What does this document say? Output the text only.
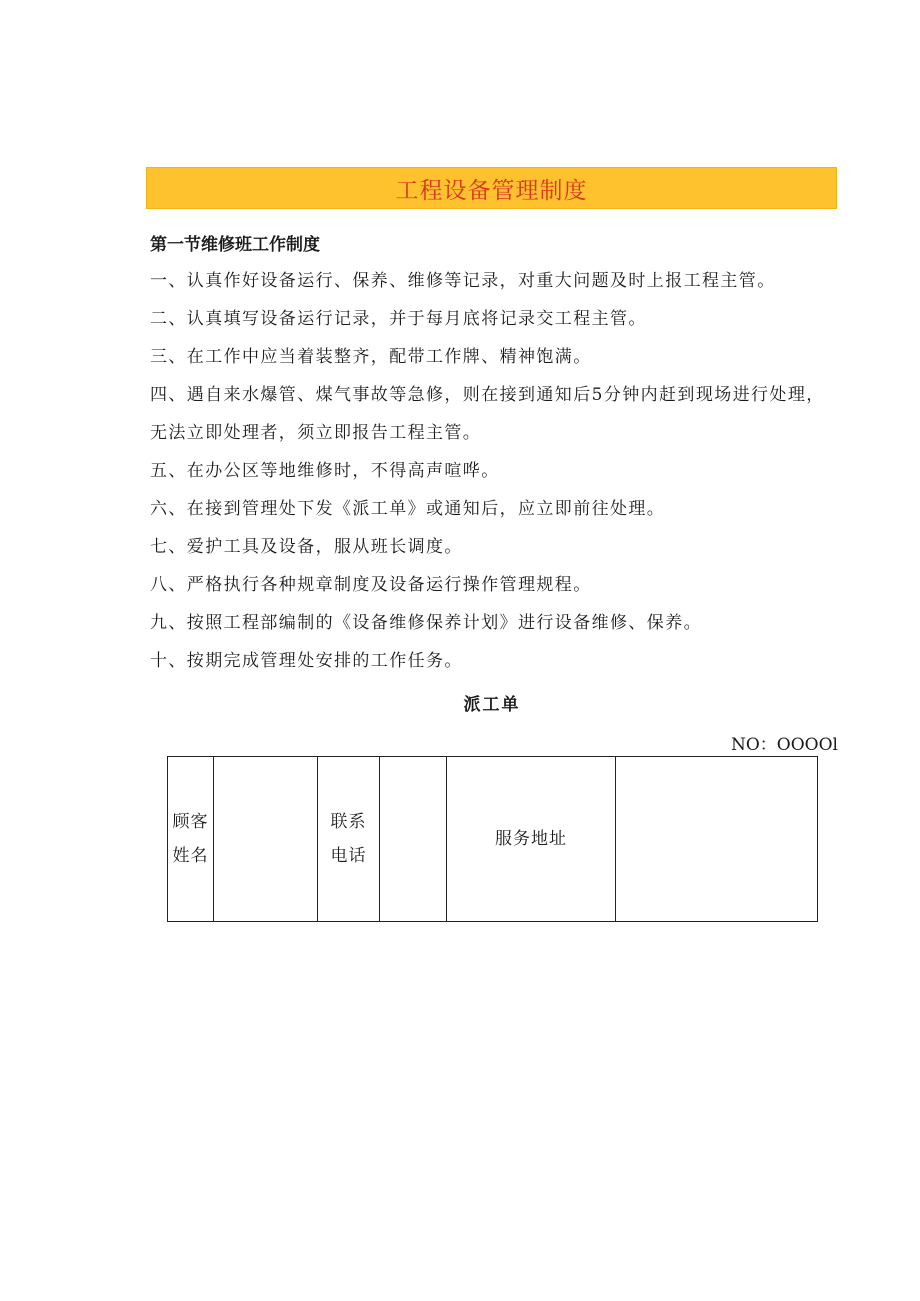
工程设备管理制度
第一节维修班工作制度
一、认真作好设备运行、保养、维修等记录，对重大问题及时上报工程主管。
二、认真填写设备运行记录，并于每月底将记录交工程主管。
三、在工作中应当着装整齐，配带工作牌、精神饱满。
四、遇自来水爆管、煤气事故等急修，则在接到通知后5分钟内赶到现场进行处理，无法立即处理者，须立即报告工程主管。
五、在办公区等地维修时，不得高声喧哗。
六、在接到管理处下发《派工单》或通知后，应立即前往处理。
七、爱护工具及设备，服从班长调度。
八、严格执行各种规章制度及设备运行操作管理规程。
九、按照工程部编制的《设备维修保养计划》进行设备维修、保养。
十、按期完成管理处安排的工作任务。
派工单
NO：OOOOl
顾客姓名		联系电话		服务地址	
